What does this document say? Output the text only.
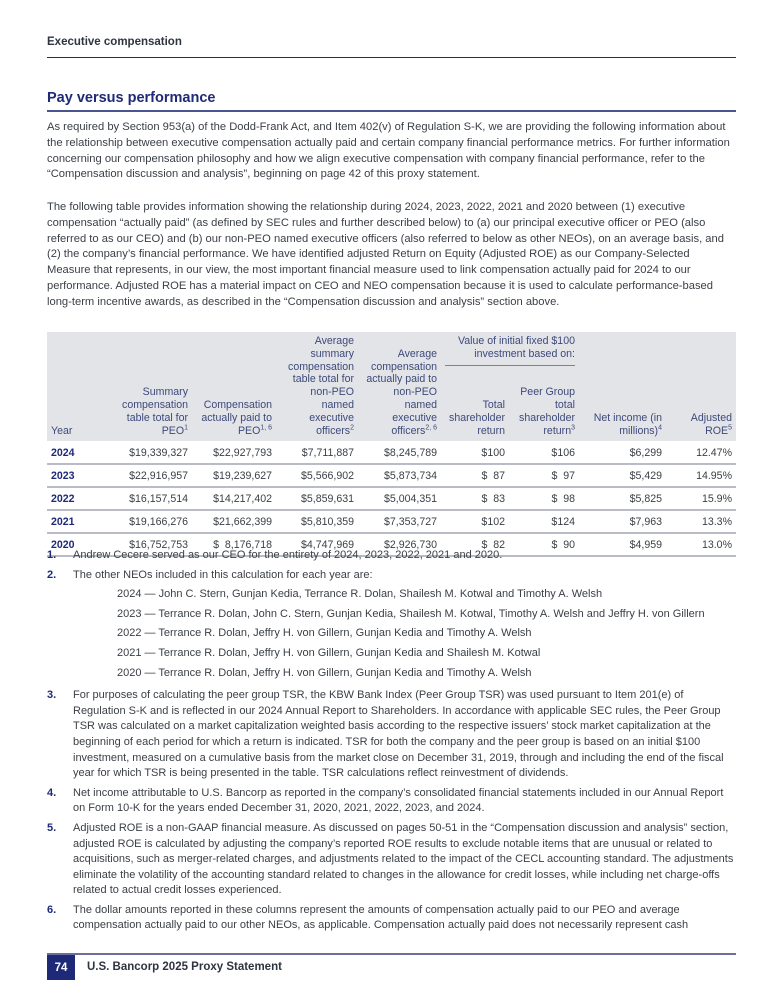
Executive compensation
Pay versus performance

As required by Section 953(a) of the Dodd-Frank Act, and Item 402(v) of Regulation S-K, we are providing the following information about the relationship between executive compensation actually paid and certain company financial performance metrics. For further information concerning our compensation philosophy and how we align executive compensation with company financial performance, refer to the “Compensation discussion and analysis”, beginning on page 42 of this proxy statement.

The following table provides information showing the relationship during 2024, 2023, 2022, 2021 and 2020 between (1) executive compensation “actually paid” (as defined by SEC rules and further described below) to (a) our principal executive officer or PEO (also referred to as our CEO) and (b) our non-PEO named executive officers (also referred to below as other NEOs), on an average basis, and (2) the company’s financial performance. We have identified adjusted Return on Equity (Adjusted ROE) as our Company-Selected Measure that represents, in our view, the most important financial measure used to link compensation actually paid for 2024 to our performance. Adjusted ROE has a material impact on CEO and NEO compensation because it is used to calculate performance-based long-term incentive awards, as described in the “Compensation discussion and analysis” section above.

Year	Summary compensation table total for PEO$^1$	Compensation actually paid to PEO$^{1, 6}$	Average summary compensation table total for non-PEO named executive officers$^2$	Average compensation actually paid to non-PEO named executive officers$^{2, 6}$	Value of initial fixed $100 investment based on:		Net income (in millions)$^4$	Adjusted ROE$^5$
					Total shareholder return	Peer Group total shareholder return$^3$
2024	$19,339,327	$22,927,793	$7,711,887	$8,245,789	$100	$106	$6,299	12.47%
2023	$22,916,957	$19,239,627	$5,566,902	$5,873,734	$  87	$  97	$5,429	14.95%
2022	$16,157,514	$14,217,402	$5,859,631	$5,004,351	$  83	$  98	$5,825	15.9%
2021	$19,166,276	$21,662,399	$5,810,359	$7,353,727	$102	$124	$7,963	13.3%
2020	$16,752,753	$  8,176,718	$4,747,969	$2,926,730	$  82	$  90	$4,959	13.0%
1.	Andrew Cecere served as our CEO for the entirety of 2024, 2023, 2022, 2021 and 2020.
2.	The other NEOs included in this calculation for each year are:
2024 — John C. Stern, Gunjan Kedia, Terrance R. Dolan, Shailesh M. Kotwal and Timothy A. Welsh
2023 — Terrance R. Dolan, John C. Stern, Gunjan Kedia, Shailesh M. Kotwal, Timothy A. Welsh and Jeffry H. von Gillern
2022 — Terrance R. Dolan, Jeffry H. von Gillern, Gunjan Kedia and Timothy A. Welsh
2021 — Terrance R. Dolan, Jeffry H. von Gillern, Gunjan Kedia and Shailesh M. Kotwal
2020 — Terrance R. Dolan, Jeffry H. von Gillern, Gunjan Kedia and Timothy A. Welsh
3.	For purposes of calculating the peer group TSR, the KBW Bank Index (Peer Group TSR) was used pursuant to Item 201(e) of Regulation S-K and is reflected in our 2024 Annual Report to Shareholders. In accordance with applicable SEC rules, the Peer Group TSR was calculated on a market capitalization weighted basis according to the respective issuers’ stock market capitalization at the beginning of each period for which a return is indicated. TSR for both the company and the peer group is based on an initial $100 investment, measured on a cumulative basis from the market close on December 31, 2019, through and including the end of the fiscal year for which TSR is being presented in the table. TSR calculations reflect reinvestment of dividends.
4.	Net income attributable to U.S. Bancorp as reported in the company’s consolidated financial statements included in our Annual Report on Form 10-K for the years ended December 31, 2020, 2021, 2022, 2023, and 2024.
5.	Adjusted ROE is a non-GAAP financial measure. As discussed on pages 50-51 in the “Compensation discussion and analysis” section, adjusted ROE is calculated by adjusting the company’s reported ROE results to exclude notable items that are unusual or related to acquisitions, such as merger-related charges, and adjustments related to the impact of the CECL accounting standard. The adjustments eliminate the volatility of the accounting standard related to changes in the allowance for credit losses, while including net charge-offs related to actual credit losses experienced.
6.	The dollar amounts reported in these columns represent the amounts of compensation actually paid to our PEO and average compensation actually paid to our other NEOs, as applicable. Compensation actually paid does not necessarily represent cash
74	U.S. Bancorp 2025 Proxy Statement
